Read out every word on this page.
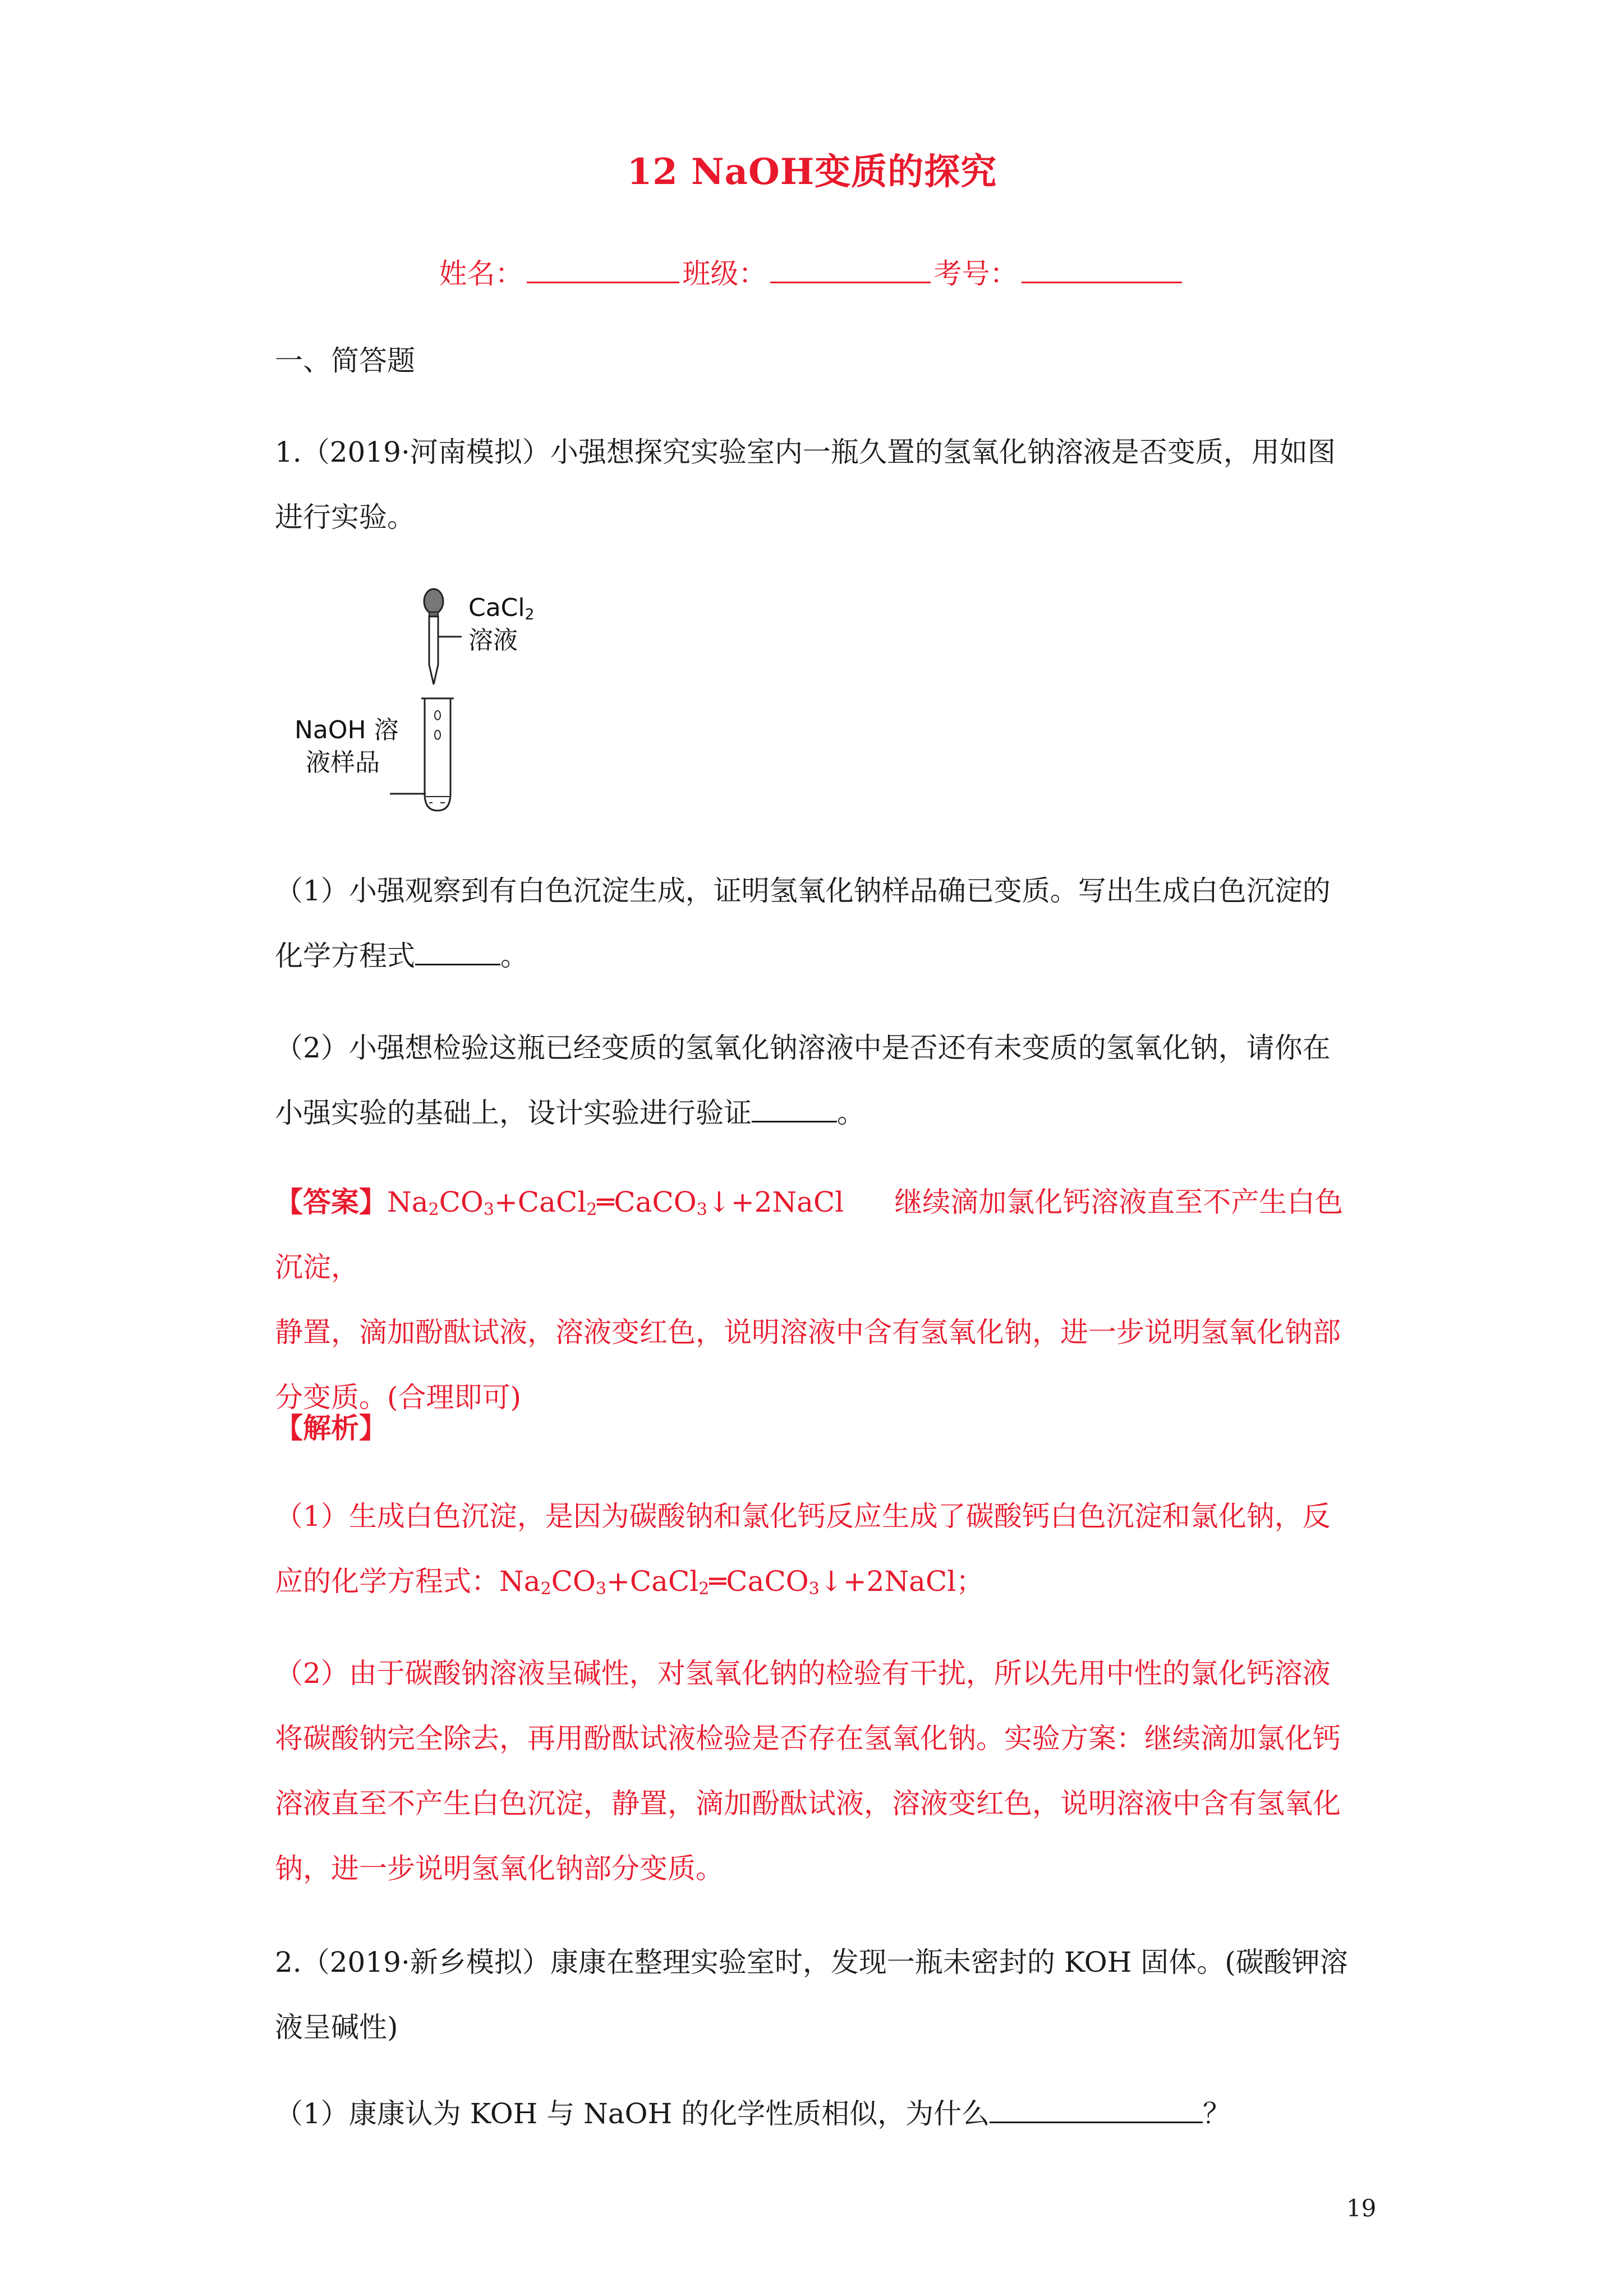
12 NaOH变质的探究
姓名：	班级：	考号：
一、简答题
1.（2019·河南模拟）小强想探究实验室内一瓶久置的氢氧化钠溶液是否变质，用如图
进行实验。
CaCl$_2$
溶液
NaOH 溶
液样品
（1）小强观察到有白色沉淀生成，证明氢氧化钠样品确已变质。写出生成白色沉淀的
化学方程式	。
（2）小强想检验这瓶已经变质的氢氧化钠溶液中是否还有未变质的氢氧化钠，请你在
小强实验的基础上，设计实验进行验证	。
【答案】$Na_2CO_3+CaCl_2═CaCO_3↓+2NaCl$ 继续滴加氯化钙溶液直至不产生白色沉淀，
静置，滴加酚酞试液，溶液变红色，说明溶液中含有氢氧化钠，进一步说明氢氧化钠部
分变质。(合理即可)
【解析】
（1）生成白色沉淀，是因为碳酸钠和氯化钙反应生成了碳酸钙白色沉淀和氯化钠，反
应的化学方程式：$Na_2CO_3+CaCl_2═CaCO_3↓+2NaCl$；
（2）由于碳酸钠溶液呈碱性，对氢氧化钠的检验有干扰，所以先用中性的氯化钙溶液
将碳酸钠完全除去，再用酚酞试液检验是否存在氢氧化钠。实验方案：继续滴加氯化钙
溶液直至不产生白色沉淀，静置，滴加酚酞试液，溶液变红色，说明溶液中含有氢氧化
钠，进一步说明氢氧化钠部分变质。
2.（2019·新乡模拟）康康在整理实验室时，发现一瓶未密封的 KOH 固体。(碳酸钾溶
液呈碱性)
（1）康康认为 KOH 与 NaOH 的化学性质相似，为什么	？
19
